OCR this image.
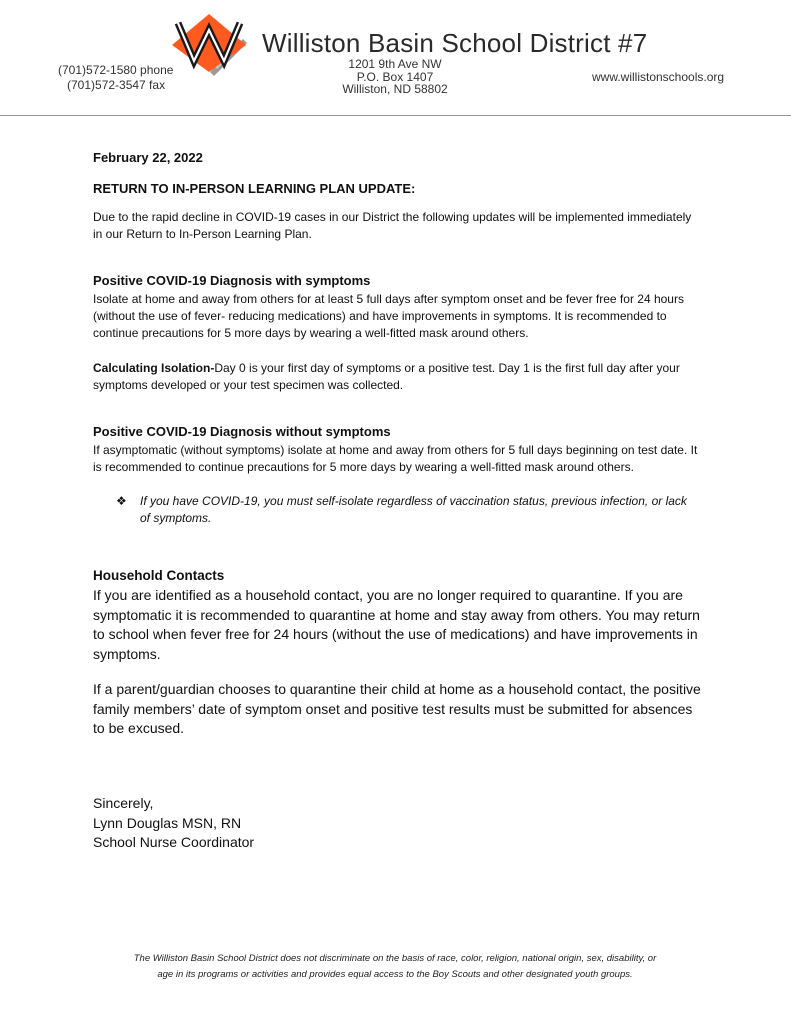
Williston Basin School District #7
1201 9th Ave NW
P.O. Box 1407
Williston, ND 58802
(701)572-1580 phone
(701)572-3547 fax
www.willistonschools.org
February 22, 2022
RETURN TO IN-PERSON LEARNING PLAN UPDATE:
Due to the rapid decline in COVID-19 cases in our District the following updates will be implemented immediately in our Return to In-Person Learning Plan.
Positive COVID-19 Diagnosis with symptoms
Isolate at home and away from others for at least 5 full days after symptom onset and be fever free for 24 hours (without the use of fever- reducing medications) and have improvements in symptoms. It is recommended to continue precautions for 5 more days by wearing a well-fitted mask around others.
Calculating Isolation-Day 0 is your first day of symptoms or a positive test. Day 1 is the first full day after your symptoms developed or your test specimen was collected.
Positive COVID-19 Diagnosis without symptoms
If asymptomatic (without symptoms) isolate at home and away from others for 5 full days beginning on test date. It is recommended to continue precautions for 5 more days by wearing a well-fitted mask around others.
❖ If you have COVID-19, you must self-isolate regardless of vaccination status, previous infection, or lack of symptoms.
Household Contacts
If you are identified as a household contact, you are no longer required to quarantine. If you are symptomatic it is recommended to quarantine at home and stay away from others. You may return to school when fever free for 24 hours (without the use of medications) and have improvements in symptoms.
If a parent/guardian chooses to quarantine their child at home as a household contact, the positive family members’ date of symptom onset and positive test results must be submitted for absences to be excused.
Sincerely,
Lynn Douglas MSN, RN
School Nurse Coordinator
The Williston Basin School District does not discriminate on the basis of race, color, religion, national origin, sex, disability, or
age in its programs or activities and provides equal access to the Boy Scouts and other designated youth groups.
